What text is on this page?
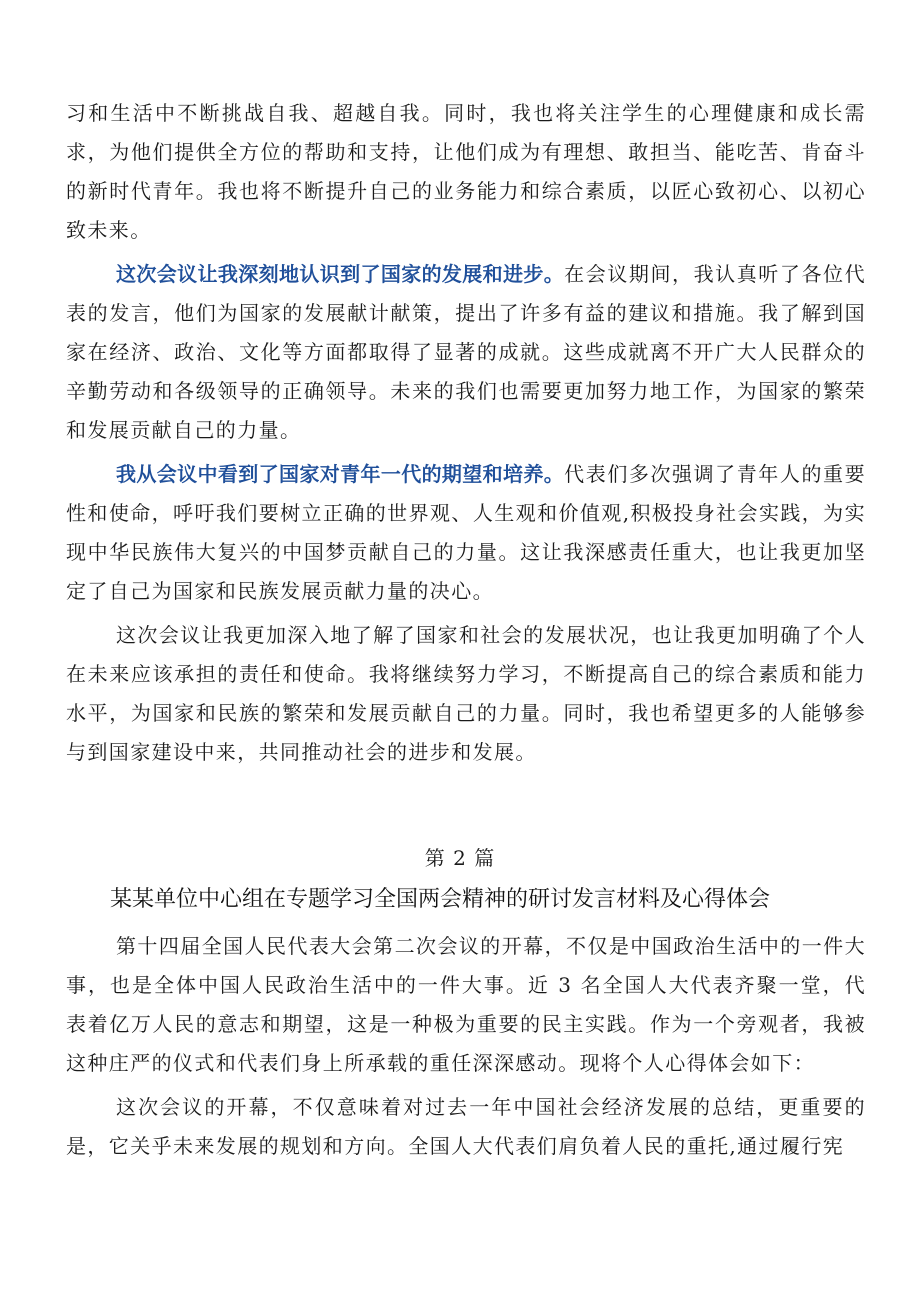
习和生活中不断挑战自我、超越自我。同时，我也将关注学生的心理健康和成长需求，为他们提供全方位的帮助和支持，让他们成为有理想、敢担当、能吃苦、肯奋斗的新时代青年。我也将不断提升自己的业务能力和综合素质，以匠心致初心、以初心致未来。

这次会议让我深刻地认识到了国家的发展和进步。在会议期间，我认真听了各位代表的发言，他们为国家的发展献计献策，提出了许多有益的建议和措施。我了解到国家在经济、政治、文化等方面都取得了显著的成就。这些成就离不开广大人民群众的辛勤劳动和各级领导的正确领导。未来的我们也需要更加努力地工作，为国家的繁荣和发展贡献自己的力量。

我从会议中看到了国家对青年一代的期望和培养。代表们多次强调了青年人的重要性和使命，呼吁我们要树立正确的世界观、人生观和价值观,积极投身社会实践，为实现中华民族伟大复兴的中国梦贡献自己的力量。这让我深感责任重大，也让我更加坚定了自己为国家和民族发展贡献力量的决心。

这次会议让我更加深入地了解了国家和社会的发展状况，也让我更加明确了个人在未来应该承担的责任和使命。我将继续努力学习，不断提高自己的综合素质和能力水平，为国家和民族的繁荣和发展贡献自己的力量。同时，我也希望更多的人能够参与到国家建设中来，共同推动社会的进步和发展。

第 2 篇
某某单位中心组在专题学习全国两会精神的研讨发言材料及心得体会

第十四届全国人民代表大会第二次会议的开幕，不仅是中国政治生活中的一件大事，也是全体中国人民政治生活中的一件大事。近 3 名全国人大代表齐聚一堂，代表着亿万人民的意志和期望，这是一种极为重要的民主实践。作为一个旁观者，我被这种庄严的仪式和代表们身上所承载的重任深深感动。现将个人心得体会如下：

这次会议的开幕，不仅意味着对过去一年中国社会经济发展的总结，更重要的是，它关乎未来发展的规划和方向。全国人大代表们肩负着人民的重托,通过履行宪
